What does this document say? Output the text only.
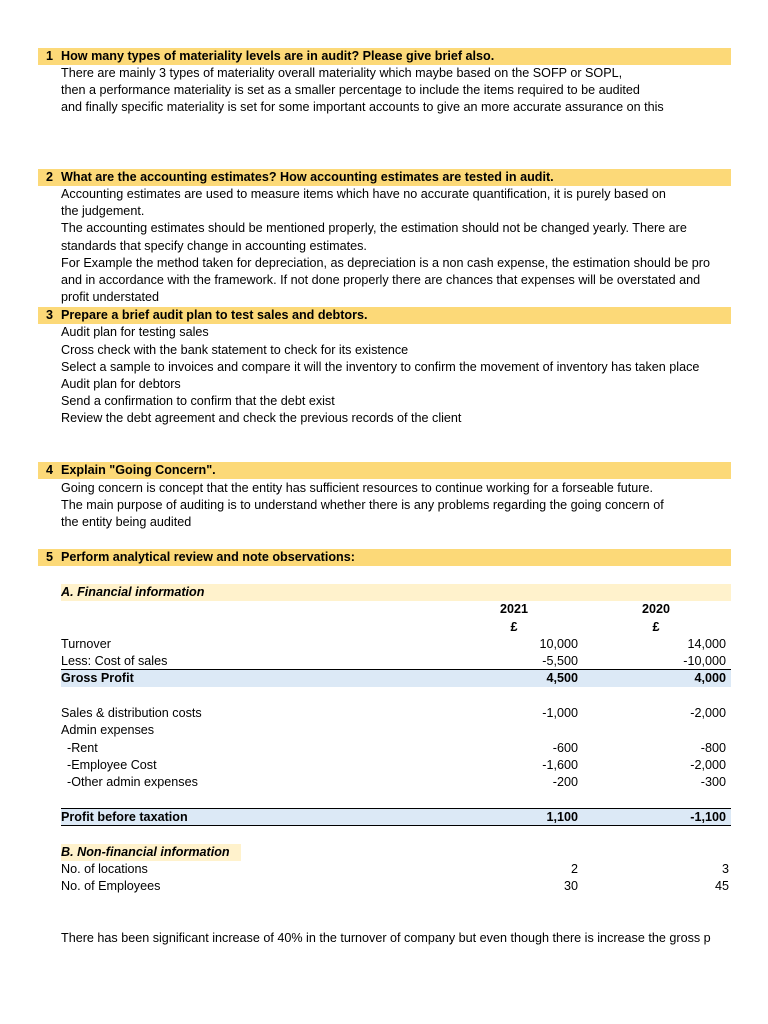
1 How many types of materiality levels are in audit? Please give brief also.
There are mainly 3 types of materiality overall materiality which maybe based on the SOFP or SOPL,
then a performance materiality is set as a smaller percentage to include the items required to be audited
and finally specific materiality is set for some important accounts to give an more accurate assurance on this
2 What are the accounting estimates? How accounting estimates are tested in audit.
Accounting estimates are used to measure items which have no accurate quantification, it is purely based on
the judgement.
The accounting estimates should be mentioned properly, the estimation should not be changed yearly. There are
standards that specify change in accounting estimates.
For Example the method taken for depreciation, as depreciation is a non cash expense, the estimation should be pro
and in accordance with the framework. If not done properly there are chances that expenses will be overstated and
profit understated
3 Prepare a brief audit plan to test sales and debtors.
Audit plan for testing sales
Cross check with the bank statement to check for its existence
Select a sample to invoices and compare it will the inventory to confirm the movement of inventory has taken place
Audit plan for debtors
Send a confirmation to confirm that the debt exist
Review the debt agreement and check the previous records of the client
4 Explain "Going Concern".
Going concern is concept that the entity has sufficient resources to continue working for a forseable future.
The main purpose of auditing is to understand whether there is any problems regarding the going concern of
the entity being audited
5 Perform analytical review and note observations:
A. Financial information
2021	2020
£	£
Turnover	10,000	14,000
Less: Cost of sales	-5,500	-10,000
Gross Profit	4,500	4,000
Sales & distribution costs	-1,000	-2,000
Admin expenses
-Rent	-600	-800
-Employee Cost	-1,600	-2,000
-Other admin expenses	-200	-300
Profit before taxation	1,100	-1,100
B. Non-financial information
No. of locations	2	3
No. of Employees	30	45
There has been significant increase of 40% in the turnover of company but even though there is increase the gross p
